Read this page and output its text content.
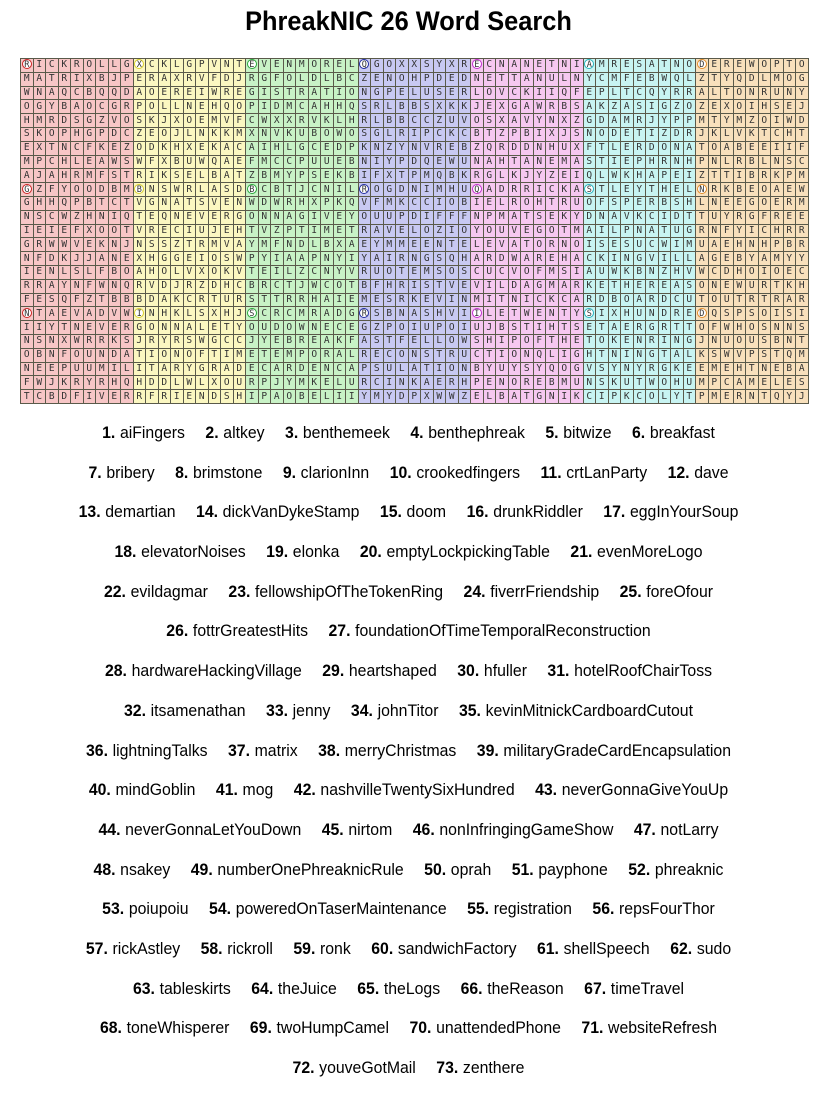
PhreakNIC 26 Word Search
R	I	C	K	R	O	L	L	G	X	C	K	L	G	P	V	N	T	E	V	E	N	M	O	R	E	L	Q	G	O	X	X	S	Y	X	R	E	C	N	A	N	E	T	N	I	A	M	R	E	S	A	T	N	O	D	E	R	E	W	O	P	T	O
M	A	T	R	I	X	B	J	P	E	R	A	X	R	V	F	D	J	R	G	F	O	L	D	L	B	C	Z	E	N	O	H	P	D	E	D	N	E	T	T	A	N	U	L	N	Y	C	M	F	E	B	W	Q	L	Z	T	Y	Q	D	L	M	O	G
W	N	A	Q	C	B	Q	Q	D	A	O	E	R	E	I	W	R	E	G	I	S	T	R	A	T	I	O	N	G	P	E	L	U	S	E	R	L	O	V	C	K	I	I	Q	F	E	P	L	T	C	Q	Y	R	R	A	L	T	O	N	R	U	N	Y
O	G	Y	B	A	O	C	G	R	P	O	L	L	N	E	H	Q	O	P	I	D	M	C	A	H	H	Q	S	R	L	B	B	S	X	K	K	J	E	X	G	A	W	R	B	S	A	K	Z	A	S	I	G	Z	O	Z	E	X	O	I	H	S	E	J
H	M	R	D	S	G	Z	V	O	S	K	J	X	O	E	M	V	F	C	W	X	X	R	V	K	L	H	R	L	B	B	C	C	Z	U	V	O	S	X	A	V	Y	N	X	Z	G	D	A	M	R	J	Y	P	P	M	T	Y	M	Z	O	I	W	D
S	K	O	P	H	G	P	D	C	Z	E	O	J	L	N	K	K	M	X	N	V	K	U	B	O	W	O	S	G	L	R	I	P	C	K	C	B	T	Z	P	B	I	X	J	S	N	O	D	E	T	I	Z	D	R	J	K	L	V	K	T	C	H	T
E	X	T	N	C	F	K	E	Z	O	D	K	H	X	E	K	A	C	A	I	H	L	G	C	E	D	P	K	N	Z	Y	N	V	R	E	B	Z	Q	R	D	D	N	H	U	X	F	T	L	E	R	D	O	N	A	T	O	A	B	E	E	I	I	F
M	P	C	H	L	E	A	W	S	W	F	X	B	U	W	Q	A	E	F	M	C	C	P	U	U	E	B	N	I	Y	P	D	Q	E	W	U	N	A	H	T	A	N	E	M	A	S	T	I	E	P	H	R	N	H	P	N	L	R	B	L	N	S	C
A	J	A	H	R	M	F	S	T	R	I	K	S	E	L	B	A	T	Z	B	M	Y	P	S	E	K	B	I	F	X	T	P	M	Q	B	K	R	G	L	K	J	Y	Z	E	I	Q	L	W	K	H	A	P	E	I	Z	T	T	I	B	R	K	P	M
G	Z	F	Y	O	O	D	B	M	B	N	S	W	R	L	A	S	D	B	C	B	T	J	C	N	I	L	R	O	G	D	N	I	M	H	U	Q	A	D	R	R	I	C	K	A	S	T	L	E	Y	T	H	E	L	N	R	K	B	E	O	A	E	W
G	H	H	Q	P	B	T	C	T	V	G	N	A	T	S	V	E	N	W	D	W	R	H	X	P	K	Q	V	F	M	K	C	C	I	O	B	I	E	L	R	O	H	T	R	U	O	F	S	P	E	R	B	S	H	L	N	E	E	G	O	E	R	M
N	S	C	W	Z	H	N	I	Q	T	E	Q	N	E	V	E	R	G	O	N	N	A	G	I	V	E	Y	O	U	U	P	D	I	F	F	F	N	P	M	A	T	S	E	K	Y	D	N	A	V	K	C	I	D	T	T	U	Y	R	G	F	R	E	E
I	E	I	E	F	X	O	O	T	V	R	E	C	I	U	J	E	H	T	V	Z	P	T	I	M	E	T	R	A	V	E	L	O	Z	I	O	Y	O	U	V	E	G	O	T	M	A	I	L	P	N	A	T	U	G	R	N	F	Y	I	C	H	R	R
G	R	W	W	V	E	K	N	J	N	S	S	Z	T	R	M	V	A	Y	M	F	N	D	L	B	X	A	E	Y	M	M	E	E	N	T	E	L	E	V	A	T	O	R	N	O	I	S	E	S	U	C	W	I	M	U	A	E	H	N	H	P	B	R
N	F	D	K	J	J	A	N	E	X	H	G	G	E	I	O	S	W	P	Y	I	A	A	P	N	Y	I	Y	A	I	R	N	G	S	Q	H	A	R	D	W	A	R	E	H	A	C	K	I	N	G	V	I	L	L	A	G	E	B	Y	A	M	Y	Y
I	E	N	L	S	L	F	B	O	A	H	O	L	V	X	O	K	V	T	E	I	L	Z	C	N	Y	V	R	U	O	T	E	M	S	O	S	C	U	C	V	O	F	M	S	I	A	U	W	K	B	N	Z	H	V	W	C	D	H	O	I	O	E	C
R	R	A	Y	N	F	W	N	Q	R	V	D	J	R	Z	D	H	C	B	R	C	T	J	W	C	O	T	B	F	H	R	I	S	T	V	E	V	I	L	D	A	G	M	A	R	K	E	T	H	E	R	E	A	S	O	N	E	W	U	R	T	K	H
F	E	S	Q	F	Z	T	B	B	B	D	A	K	C	R	T	U	R	S	T	T	R	R	H	A	I	E	M	E	S	R	K	E	V	I	N	M	I	T	N	I	C	K	C	A	R	D	B	O	A	R	D	C	U	T	O	U	T	R	T	R	A	R
N	T	A	E	V	A	D	V	W	I	N	H	K	L	S	X	H	J	S	C	R	C	M	R	A	D	G	R	S	B	N	A	S	H	V	I	I	L	E	T	W	E	N	T	Y	S	I	X	H	U	N	D	R	E	D	Q	S	P	S	O	I	S	I
I	I	Y	T	N	E	V	E	R	G	O	N	N	A	L	E	T	Y	O	U	D	O	W	N	E	C	E	G	Z	P	O	I	U	P	O	I	U	J	B	S	T	I	H	T	S	E	T	A	E	R	G	R	T	T	O	F	W	H	O	S	N	N	S
N	S	N	X	W	R	R	K	S	J	R	Y	R	S	W	G	C	C	J	Y	E	B	R	E	A	K	F	A	S	T	F	E	L	L	O	W	S	H	I	P	O	F	T	H	E	T	O	K	E	N	R	I	N	G	J	N	U	O	U	S	B	N	T
O	B	N	F	O	U	N	D	A	T	I	O	N	O	F	T	I	M	E	T	E	M	P	O	R	A	L	R	E	C	O	N	S	T	R	U	C	T	I	O	N	Q	L	I	G	H	T	N	I	N	G	T	A	L	K	S	W	V	P	S	T	Q	M
N	E	E	P	U	U	M	I	L	I	T	A	R	Y	G	R	A	D	E	C	A	R	D	E	N	C	A	P	S	U	L	A	T	I	O	N	B	Y	U	Y	S	Y	Q	O	G	V	S	Y	N	Y	R	G	K	E	E	M	E	H	T	N	E	B	A
F	W	J	K	R	Y	R	H	Q	H	D	D	L	W	L	X	O	U	R	P	J	Y	M	K	E	L	U	R	C	I	N	K	A	E	R	H	P	E	N	O	R	E	B	M	U	N	S	K	U	T	W	O	H	U	M	P	C	A	M	E	L	E	S
T	C	B	D	F	I	V	E	R	R	F	R	I	E	N	D	S	H	I	P	A	O	B	E	L	I	I	Y	M	Y	D	P	X	W	W	Z	E	L	B	A	T	G	N	I	K	C	I	P	K	C	O	L	Y	T	P	M	E	R	N	T	Q	Y	J
1. aiFingers 2. altkey 3. benthemeek 4. benthephreak 5. bitwize 6. breakfast
7. bribery 8. brimstone 9. clarionInn 10. crookedfingers 11. crtLanParty 12. dave
13. demartian 14. dickVanDykeStamp 15. doom 16. drunkRiddler 17. eggInYourSoup
18. elevatorNoises 19. elonka 20. emptyLockpickingTable 21. evenMoreLogo
22. evildagmar 23. fellowshipOfTheTokenRing 24. fiverrFriendship 25. foreOfour
26. fottrGreatestHits 27. foundationOfTimeTemporalReconstruction
28. hardwareHackingVillage 29. heartshaped 30. hfuller 31. hotelRoofChairToss
32. itsamenathan 33. jenny 34. johnTitor 35. kevinMitnickCardboardCutout
36. lightningTalks 37. matrix 38. merryChristmas 39. militaryGradeCardEncapsulation
40. mindGoblin 41. mog 42. nashvilleTwentySixHundred 43. neverGonnaGiveYouUp
44. neverGonnaLetYouDown 45. nirtom 46. nonInfringingGameShow 47. notLarry
48. nsakey 49. numberOnePhreaknicRule 50. oprah 51. payphone 52. phreaknic
53. poiupoiu 54. poweredOnTaserMaintenance 55. registration 56. repsFourThor
57. rickAstley 58. rickroll 59. ronk 60. sandwichFactory 61. shellSpeech 62. sudo
63. tableskirts 64. theJuice 65. theLogs 66. theReason 67. timeTravel
68. toneWhisperer 69. twoHumpCamel 70. unattendedPhone 71. websiteRefresh
72. youveGotMail 73. zenthere
